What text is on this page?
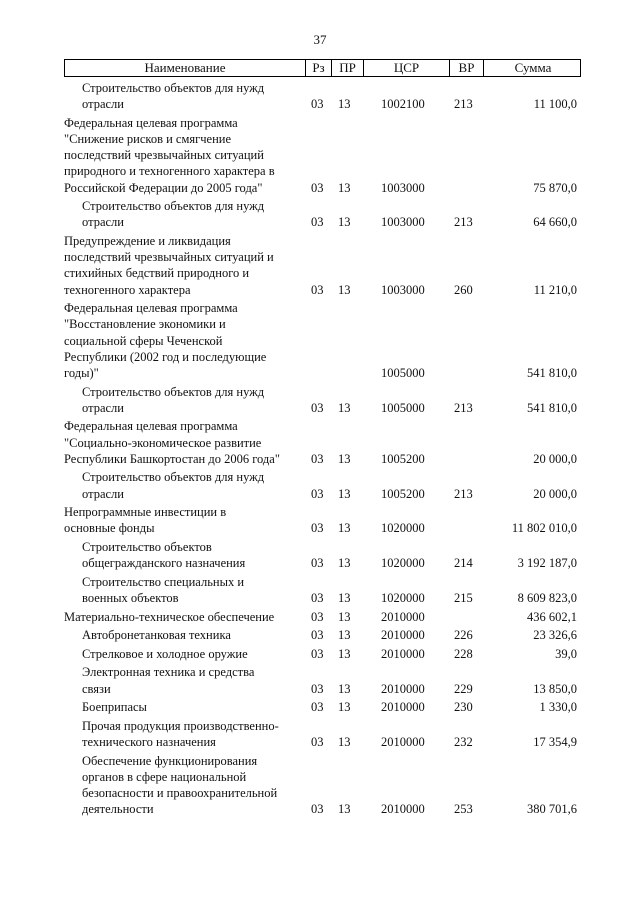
37
Наименование	Рз	ПР	ЦСР	ВР	Сумма
Строительство объектов для нужд
отрасли	03 13 1002100 213	11 100,0
Федеральная целевая программа
"Снижение рисков и смягчение
последствий чрезвычайных ситуаций
природного и техногенного характера в
Российской Федерации до 2005 года"	03 13 1003000	75 870,0
Строительство объектов для нужд
отрасли	03 13 1003000 213	64 660,0
Предупреждение и ликвидация
последствий чрезвычайных ситуаций и
стихийных бедствий природного и
техногенного характера	03 13 1003000 260	11 210,0
Федеральная целевая программа
"Восстановление экономики и
социальной сферы Чеченской
Республики (2002 год и последующие
годы)"	1005000	541 810,0
Строительство объектов для нужд
отрасли	03 13 1005000 213	541 810,0
Федеральная целевая программа
"Социально-экономическое развитие
Республики Башкортостан до 2006 года"	03 13 1005200	20 000,0
Строительство объектов для нужд
отрасли	03 13 1005200 213	20 000,0
Непрограммные инвестиции в
основные фонды	03 13 1020000	11 802 010,0
Строительство объектов
общегражданского назначения	03 13 1020000 214	3 192 187,0
Строительство специальных и
военных объектов	03 13 1020000 215	8 609 823,0
Материально-техническое обеспечение	03 13 2010000	436 602,1
Автобронетанковая техника	03 13 2010000 226	23 326,6
Стрелковое и холодное оружие	03 13 2010000 228	39,0
Электронная техника и средства
связи	03 13 2010000 229	13 850,0
Боеприпасы	03 13 2010000 230	1 330,0
Прочая продукция производственно-
технического назначения	03 13 2010000 232	17 354,9
Обеспечение функционирования
органов в сфере национальной
безопасности и правоохранительной
деятельности	03 13 2010000 253	380 701,6
